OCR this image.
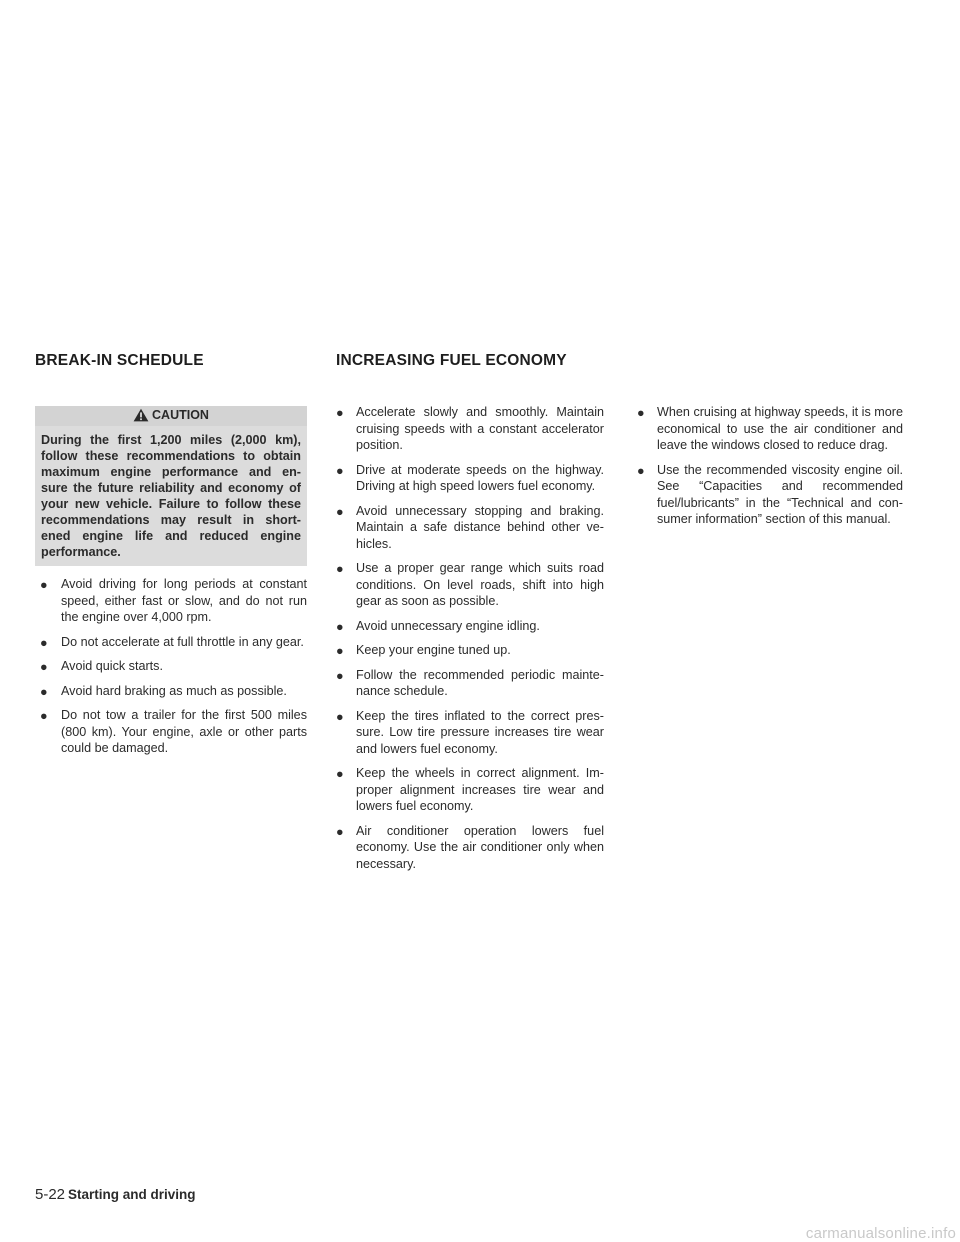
BREAK-IN SCHEDULE	INCREASING FUEL ECONOMY
CAUTION

During the first 1,200 miles (2,000 km), follow these recommendations to obtain maximum engine performance and en- sure the future reliability and economy of your new vehicle. Failure to follow these recommendations may result in short- ened engine life and reduced engine performance.

● Avoid driving for long periods at constant speed, either fast or slow, and do not run the engine over 4,000 rpm.
● Do not accelerate at full throttle in any gear.
● Avoid quick starts.
● Avoid hard braking as much as possible.
● Do not tow a trailer for the first 500 miles (800 km). Your engine, axle or other parts could be damaged.
● Accelerate slowly and smoothly. Maintain cruising speeds with a constant accelerator position.
● Drive at moderate speeds on the highway. Driving at high speed lowers fuel economy.
● Avoid unnecessary stopping and braking. Maintain a safe distance behind other ve- hicles.
● Use a proper gear range which suits road conditions. On level roads, shift into high gear as soon as possible.
● Avoid unnecessary engine idling.
● Keep your engine tuned up.
● Follow the recommended periodic mainte- nance schedule.
● Keep the tires inflated to the correct pres- sure. Low tire pressure increases tire wear and lowers fuel economy.
● Keep the wheels in correct alignment. Im- proper alignment increases tire wear and lowers fuel economy.
● Air conditioner operation lowers fuel economy. Use the air conditioner only when necessary.
● When cruising at highway speeds, it is more economical to use the air conditioner and leave the windows closed to reduce drag.
● Use the recommended viscosity engine oil. See “Capacities and recommended fuel/lubricants” in the “Technical and con- sumer information” section of this manual.
5-22 Starting and driving
carmanualsonline.info
